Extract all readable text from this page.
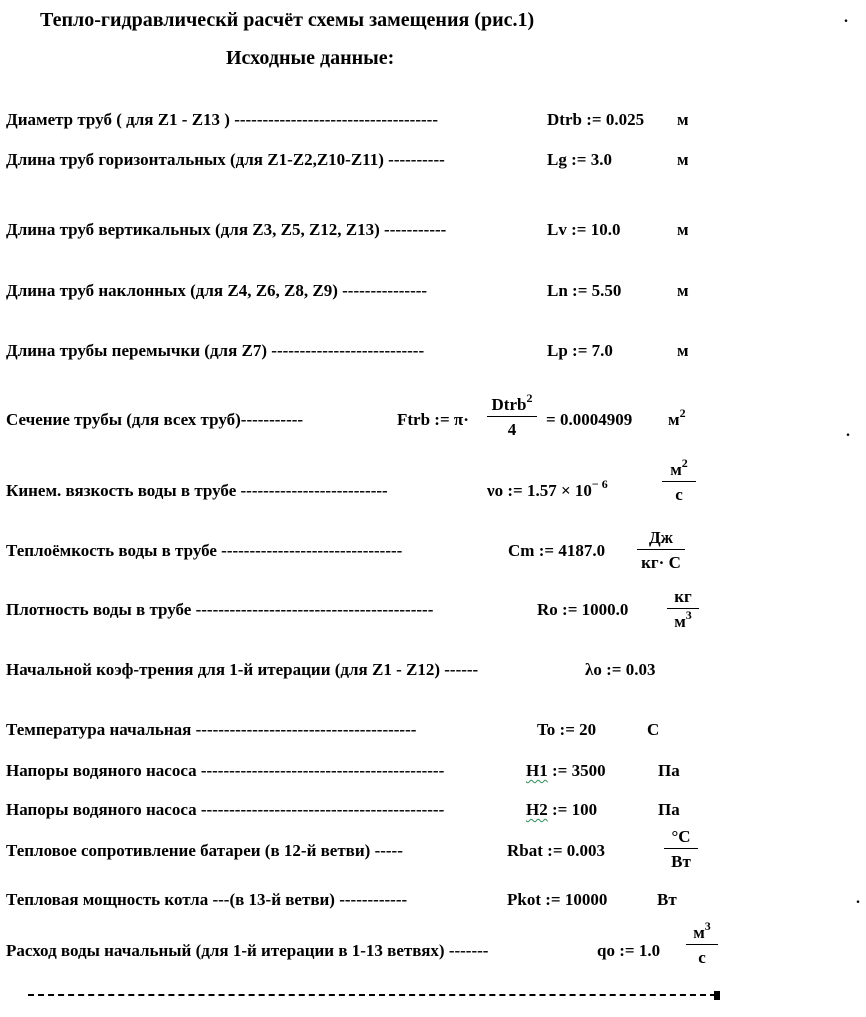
Тепло-гидравлическй расчёт схемы замещения (рис.1)	.
Исходные данные:
Диаметр труб ( для Z1 - Z13 ) ------------------------------------	Dtrb := 0.025 м
Длина труб горизонтальных (для Z1-Z2,Z10-Z11) ----------	Lg := 3.0	м
Длина труб вертикальных (для Z3, Z5, Z12, Z13) -----------	Lv := 10.0	м
Длина труб наклонных (для Z4, Z6, Z8, Z9) ---------------	Ln := 5.50	м
Длина трубы перемычки (для Z7) ---------------------------	Lp := 7.0	м
Сечение трубы (для всех труб)-----------	Ftrb := π·
Dtrb$^2$
4
= 0.0004909 $м^2$
.
Кинем. вязкость воды в трубе --------------------------	νo := $1.57 \times 10^{- 6}$
$м^2$
с
Теплоёмкость воды в трубе --------------------------------	Cm := 4187.0
Дж
кг· С
Плотность воды в трубе ------------------------------------------	Ro := 1000.0
кг
$м^3$
Начальной коэф-трения для 1-й итерации (для Z1 - Z12) ------	λo := 0.03
Температура начальная ---------------------------------------	To := 20	С
Напоры водяного насоса -------------------------------------------	H1 := 3500	Па
Напоры водяного насоса -------------------------------------------	H2 := 100	Па
Тепловое сопротивление батареи (в 12-й ветви) -----	Rbat := 0.003
°C
Вт
Тепловая мощность котла ---(в 13-й ветви) ------------	Pkot := 10000	Вт	.
Расход воды начальный (для 1-й итерации в 1-13 ветвях) -------	qo := 1.0
$м^3$
с
